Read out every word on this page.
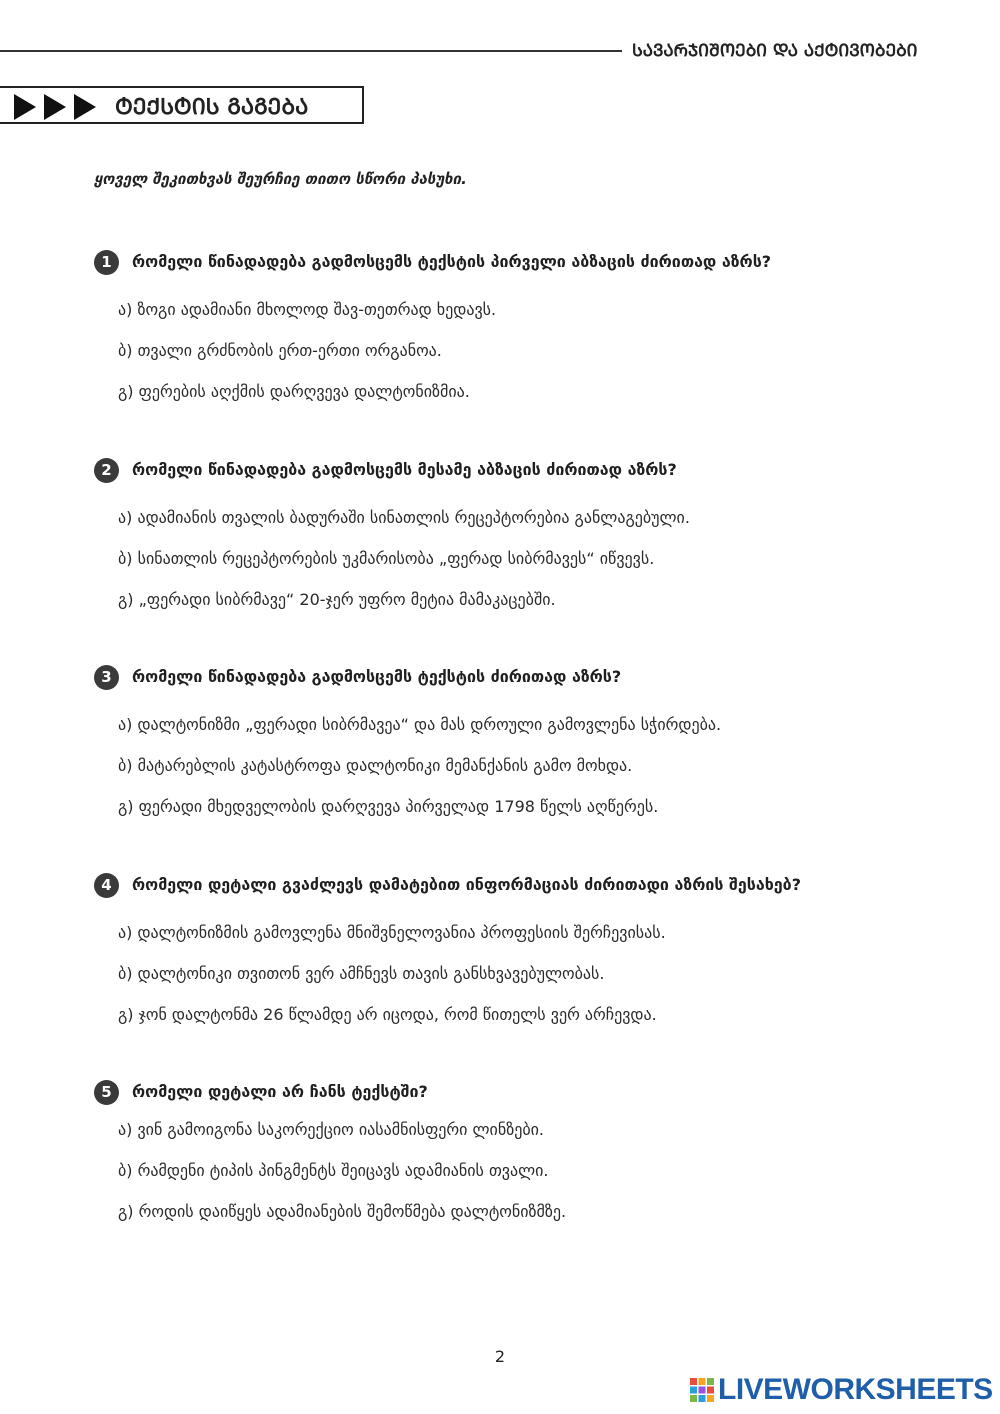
ᲡᲐᲕᲐᲠᲯᲘᲨᲝᲔᲑᲘ ᲓᲐ ᲐᲥᲢᲘᲕᲝᲑᲔᲑᲘ
ᲢᲔᲥᲡᲢᲘᲡ ᲒᲐᲒᲔᲑᲐ
ყოველ შეკითხვას შეურჩიე თითო სწორი პასუხი.
1	რომელი წინადადება გადმოსცემს ტექსტის პირველი აბზაცის ძირითად აზრს?
ა) ზოგი ადამიანი მხოლოდ შავ-თეთრად ხედავს.
ბ) თვალი გრძნობის ერთ-ერთი ორგანოა.
გ) ფერების აღქმის დარღვევა დალტონიზმია.
2	რომელი წინადადება გადმოსცემს მესამე აბზაცის ძირითად აზრს?
ა) ადამიანის თვალის ბადურაში სინათლის რეცეპტორებია განლაგებული.
ბ) სინათლის რეცეპტორების უკმარისობა „ფერად სიბრმავეს“ იწვევს.
გ) „ფერადი სიბრმავე“ 20-ჯერ უფრო მეტია მამაკაცებში.
3	რომელი წინადადება გადმოსცემს ტექსტის ძირითად აზრს?
ა) დალტონიზმი „ფერადი სიბრმავეა“ და მას დროული გამოვლენა სჭირდება.
ბ) მატარებლის კატასტროფა დალტონიკი მემანქანის გამო მოხდა.
გ) ფერადი მხედველობის დარღვევა პირველად 1798 წელს აღწერეს.
4	რომელი დეტალი გვაძლევს დამატებით ინფორმაციას ძირითადი აზრის შესახებ?
ა) დალტონიზმის გამოვლენა მნიშვნელოვანია პროფესიის შერჩევისას.
ბ) დალტონიკი თვითონ ვერ ამჩნევს თავის განსხვავებულობას.
გ) ჯონ დალტონმა 26 წლამდე არ იცოდა, რომ წითელს ვერ არჩევდა.
5	რომელი დეტალი არ ჩანს ტექსტში?
ა) ვინ გამოიგონა საკორექციო იასამნისფერი ლინზები.
ბ) რამდენი ტიპის პინგმენტს შეიცავს ადამიანის თვალი.
გ) როდის დაიწყეს ადამიანების შემოწმება დალტონიზმზე.
2
LIVEWORKSHEETS
